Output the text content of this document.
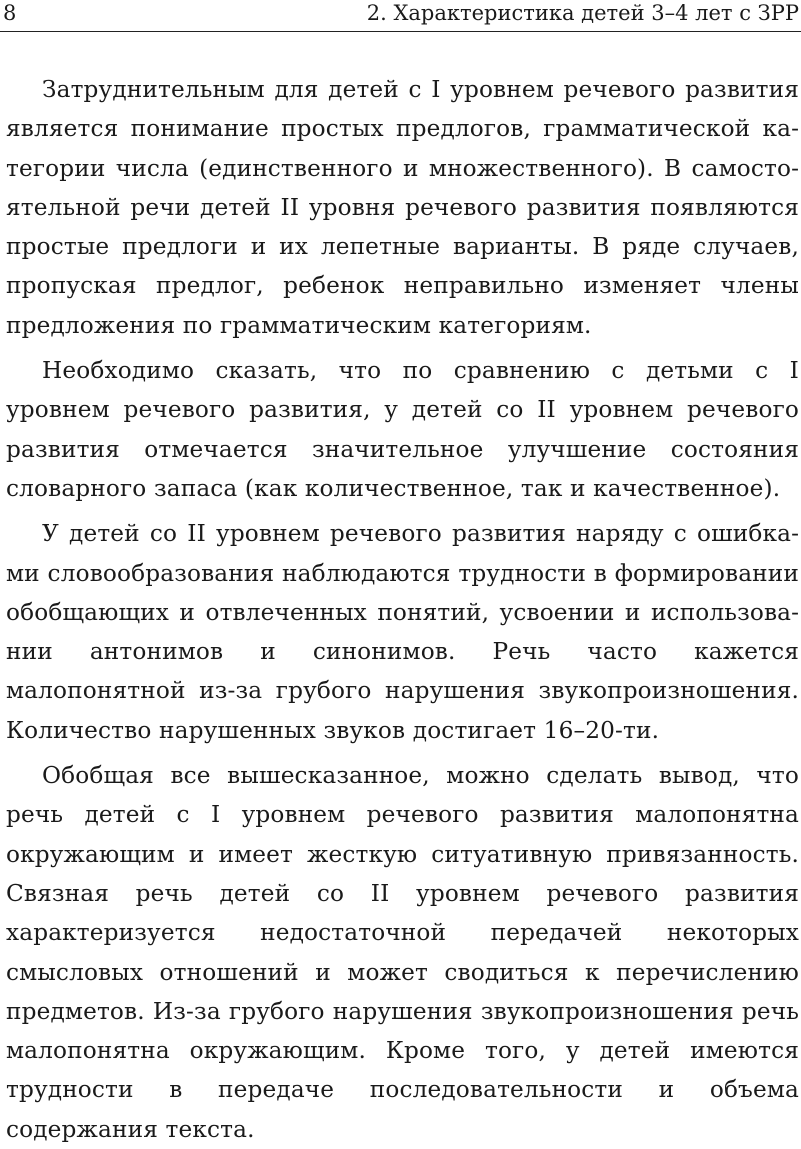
8	2. Характеристика детей 3–4 лет с ЗРР

Затруднительным для детей с I уровнем речевого развития является понимание простых предлогов, грамматической категории числа (единственного и множественного). В самостоятельной речи детей II уровня речевого развития появляются простые предлоги и их лепетные варианты. В ряде случаев, пропуская предлог, ребенок неправильно изменяет члены предложения по грамматическим категориям.

Необходимо сказать, что по сравнению с детьми с I уровнем речевого развития, у детей со II уровнем речевого развития отмечается значительное улучшение состояния словарного запаса (как количественное, так и качественное).

У детей со II уровнем речевого развития наряду с ошибками словообразования наблюдаются трудности в формировании обобщающих и отвлеченных понятий, усвоении и использовании антонимов и синонимов. Речь часто кажется малопонятной из-за грубого нарушения звукопроизношения. Количество нарушенных звуков достигает 16–20-ти.

Обобщая все вышесказанное, можно сделать вывод, что речь детей с I уровнем речевого развития малопонятна окружающим и имеет жесткую ситуативную привязанность. Связная речь детей со II уровнем речевого развития характеризуется недостаточной передачей некоторых смысловых отношений и может сводиться к перечислению предметов. Из-за грубого нарушения звукопроизношения речь малопонятна окружающим. Кроме того, у детей имеются трудности в передаче последовательности и объема содержания текста.
